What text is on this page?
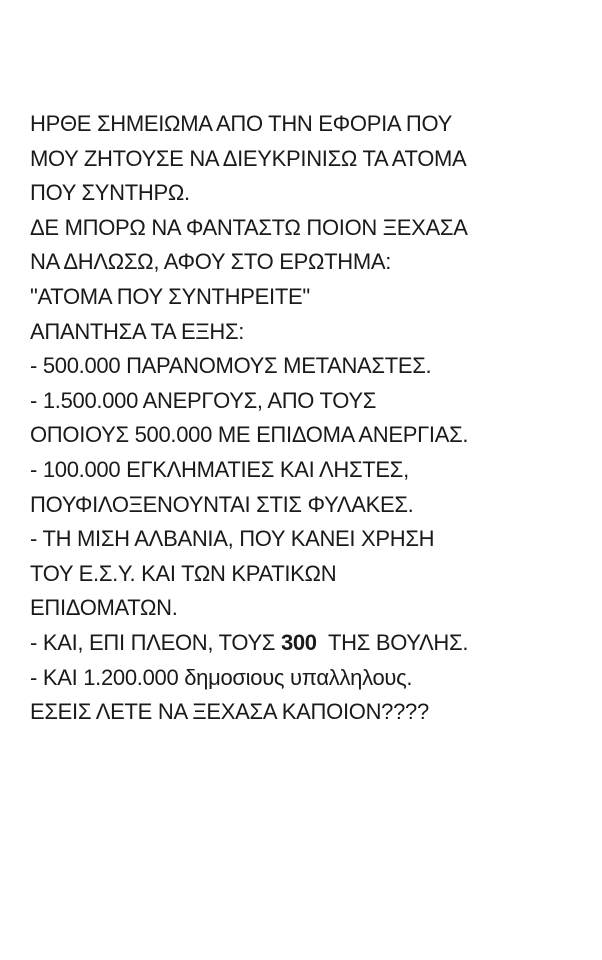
ΗΡΘΕ ΣΗΜΕΙΩΜΑ ΑΠΟ ΤΗΝ ΕΦΟΡΙΑ ΠΟΥ
ΜΟΥ ΖΗΤΟΥΣΕ ΝΑ ΔΙΕΥΚΡΙΝΙΣΩ ΤΑ ΑΤΟΜΑ
ΠΟΥ ΣΥΝΤΗΡΩ.
ΔΕ ΜΠΟΡΩ ΝΑ ΦΑΝΤΑΣΤΩ ΠΟΙΟΝ ΞΕΧΑΣΑ
ΝΑ ΔΗΛΩΣΩ, ΑΦΟΥ ΣΤΟ ΕΡΩΤΗΜΑ:
"ΑΤΟΜΑ ΠΟΥ ΣΥΝΤΗΡΕΙΤΕ"
ΑΠΑΝΤΗΣΑ ΤΑ ΕΞΗΣ:
- 500.000 ΠΑΡΑΝΟΜΟΥΣ ΜΕΤΑΝΑΣΤΕΣ.
- 1.500.000 ΑΝΕΡΓΟΥΣ, ΑΠΟ ΤΟΥΣ
ΟΠΟΙΟΥΣ 500.000 ΜΕ ΕΠΙΔΟΜΑ ΑΝΕΡΓΙΑΣ.
- 100.000 ΕΓΚΛΗΜΑΤΙΕΣ ΚΑΙ ΛΗΣΤΕΣ,
ΠΟΥΦΙΛΟΞΕΝΟΥΝΤΑΙ ΣΤΙΣ ΦΥΛΑΚΕΣ.
- ΤΗ ΜΙΣΗ ΑΛΒΑΝΙΑ, ΠΟΥ ΚΑΝΕΙ ΧΡΗΣΗ
ΤΟΥ Ε.Σ.Υ. ΚΑΙ ΤΩΝ ΚΡΑΤΙΚΩΝ
ΕΠΙΔΟΜΑΤΩΝ.
- ΚΑΙ, ΕΠΙ ΠΛΕΟΝ, ΤΟΥΣ 300  ΤΗΣ ΒΟΥΛΗΣ.
- ΚΑΙ 1.200.000 δημοσιους υπαλληλους.
ΕΣΕΙΣ ΛΕΤΕ ΝΑ ΞΕΧΑΣΑ ΚΑΠΟΙΟΝ????
